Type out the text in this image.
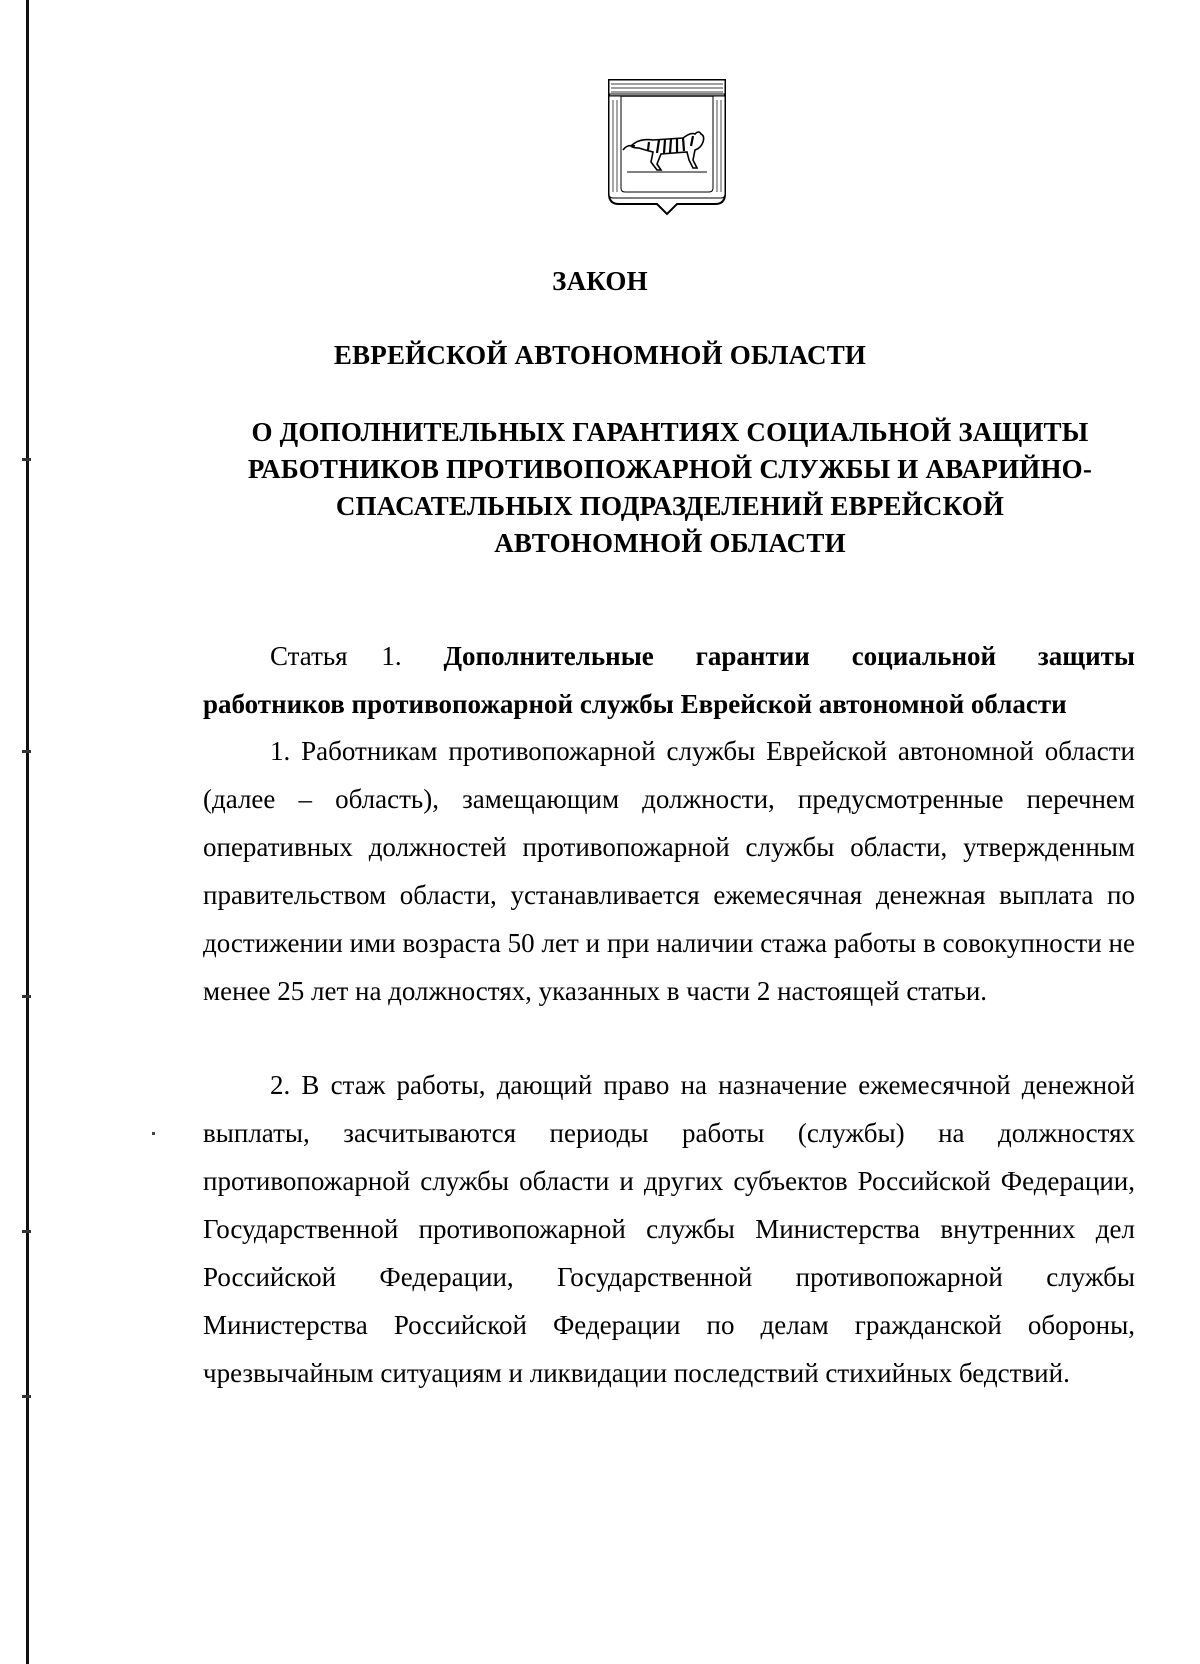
ЗАКОН
ЕВРЕЙСКОЙ АВТОНОМНОЙ ОБЛАСТИ
О ДОПОЛНИТЕЛЬНЫХ ГАРАНТИЯХ СОЦИАЛЬНОЙ ЗАЩИТЫ РАБОТНИКОВ ПРОТИВОПОЖАРНОЙ СЛУЖБЫ И АВАРИЙНО-СПАСАТЕЛЬНЫХ ПОДРАЗДЕЛЕНИЙ ЕВРЕЙСКОЙ АВТОНОМНОЙ ОБЛАСТИ
Статья 1. Дополнительные гарантии социальной защиты
работников противопожарной службы Еврейской автономной области

1. Работникам противопожарной службы Еврейской автономной области (далее – область), замещающим должности, предусмотренные перечнем оперативных должностей противопожарной службы области, утвержденным правительством области, устанавливается ежемесячная денежная выплата по достижении ими возраста 50 лет и при наличии стажа работы в совокупности не менее 25 лет на должностях, указанных в части 2 настоящей статьи.

2. В стаж работы, дающий право на назначение ежемесячной денежной выплаты, засчитываются периоды работы (службы) на должностях противопожарной службы области и других субъектов Российской Федерации, Государственной противопожарной службы Министерства внутренних дел Российской Федерации, Государственной противопожарной службы Министерства Российской Федерации по делам гражданской обороны, чрезвычайным ситуациям и ликвидации последствий стихийных бедствий.
